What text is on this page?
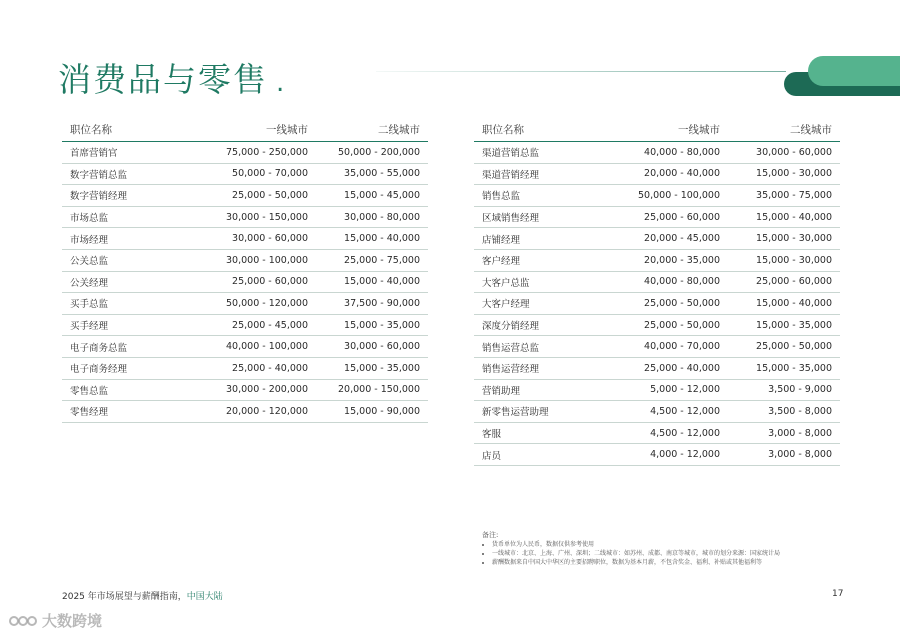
消费品与零售 .
职位名称	一线城市	二线城市
首席营销官	75,000 - 250,000	50,000 - 200,000
数字营销总监	50,000 - 70,000	35,000 - 55,000
数字营销经理	25,000 - 50,000	15,000 - 45,000
市场总监	30,000 - 150,000	30,000 - 80,000
市场经理	30,000 - 60,000	15,000 - 40,000
公关总监	30,000 - 100,000	25,000 - 75,000
公关经理	25,000 - 60,000	15,000 - 40,000
买手总监	50,000 - 120,000	37,500 - 90,000
买手经理	25,000 - 45,000	15,000 - 35,000
电子商务总监	40,000 - 100,000	30,000 - 60,000
电子商务经理	25,000 - 40,000	15,000 - 35,000
零售总监	30,000 - 200,000	20,000 - 150,000
零售经理	20,000 - 120,000	15,000 - 90,000
职位名称	一线城市	二线城市
渠道营销总监	40,000 - 80,000	30,000 - 60,000
渠道营销经理	20,000 - 40,000	15,000 - 30,000
销售总监	50,000 - 100,000	35,000 - 75,000
区域销售经理	25,000 - 60,000	15,000 - 40,000
店铺经理	20,000 - 45,000	15,000 - 30,000
客户经理	20,000 - 35,000	15,000 - 30,000
大客户总监	40,000 - 80,000	25,000 - 60,000
大客户经理	25,000 - 50,000	15,000 - 40,000
深度分销经理	25,000 - 50,000	15,000 - 35,000
销售运营总监	40,000 - 70,000	25,000 - 50,000
销售运营经理	25,000 - 40,000	15,000 - 35,000
营销助理	5,000 - 12,000	3,500 - 9,000
新零售运营助理	4,500 - 12,000	3,500 - 8,000
客服	4,500 - 12,000	3,000 - 8,000
店员	4,000 - 12,000	3,000 - 8,000
备注:
• 货币单位为人民币，数据仅供参考使用
• 一线城市：北京、上海、广州、深圳；二线城市：如苏州、成都、南京等城市，城市的划分来源：国家统计局
• 薪酬数据来自中国大中华区的主要招聘职位，数据为基本月薪，不包含奖金、福利、补贴或其他福利等
2025 年市场展望与薪酬指南，中国大陆	17
大数跨境
